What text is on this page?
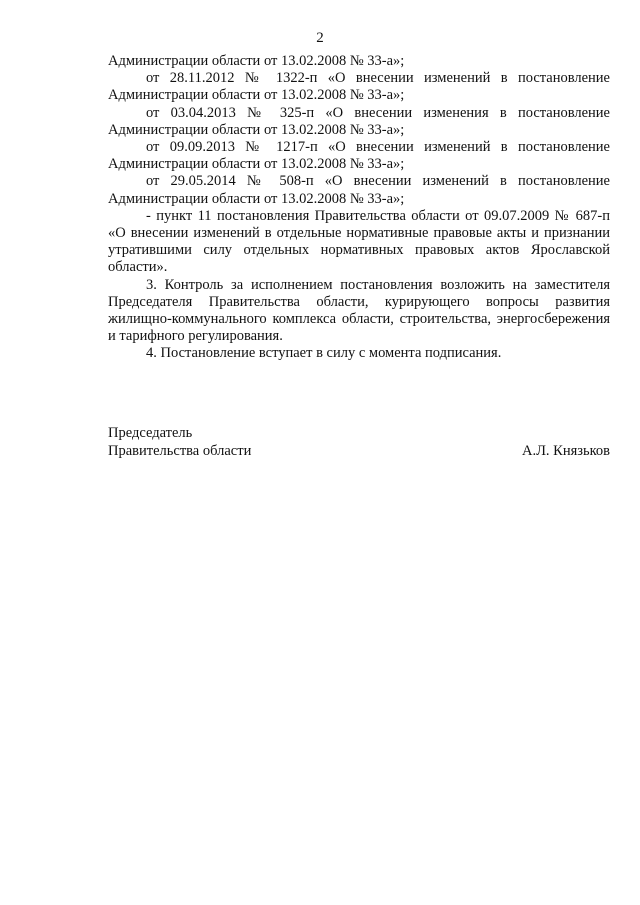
2

Администрации области от 13.02.2008 № 33-а»;

от 28.11.2012 № 1322-п «О внесении изменений в постановление Администрации области от 13.02.2008 № 33-а»;

от 03.04.2013 № 325-п «О внесении изменения в постановление Администрации области от 13.02.2008 № 33-а»;

от 09.09.2013 № 1217-п «О внесении изменений в постановление Администрации области от 13.02.2008 № 33-а»;

от 29.05.2014 № 508-п «О внесении изменений в постановление Администрации области от 13.02.2008 № 33-а»;

- пункт 11 постановления Правительства области от 09.07.2009 № 687-п «О внесении изменений в отдельные нормативные правовые акты и признании утратившими силу отдельных нормативных правовых актов Ярославской области».

3. Контроль за исполнением постановления возложить на заместителя Председателя Правительства области, курирующего вопросы развития жилищно-коммунального комплекса области, строительства, энергосбережения и тарифного регулирования.

4. Постановление вступает в силу с момента подписания.

Председатель
Правительства области	А.Л. Князьков
